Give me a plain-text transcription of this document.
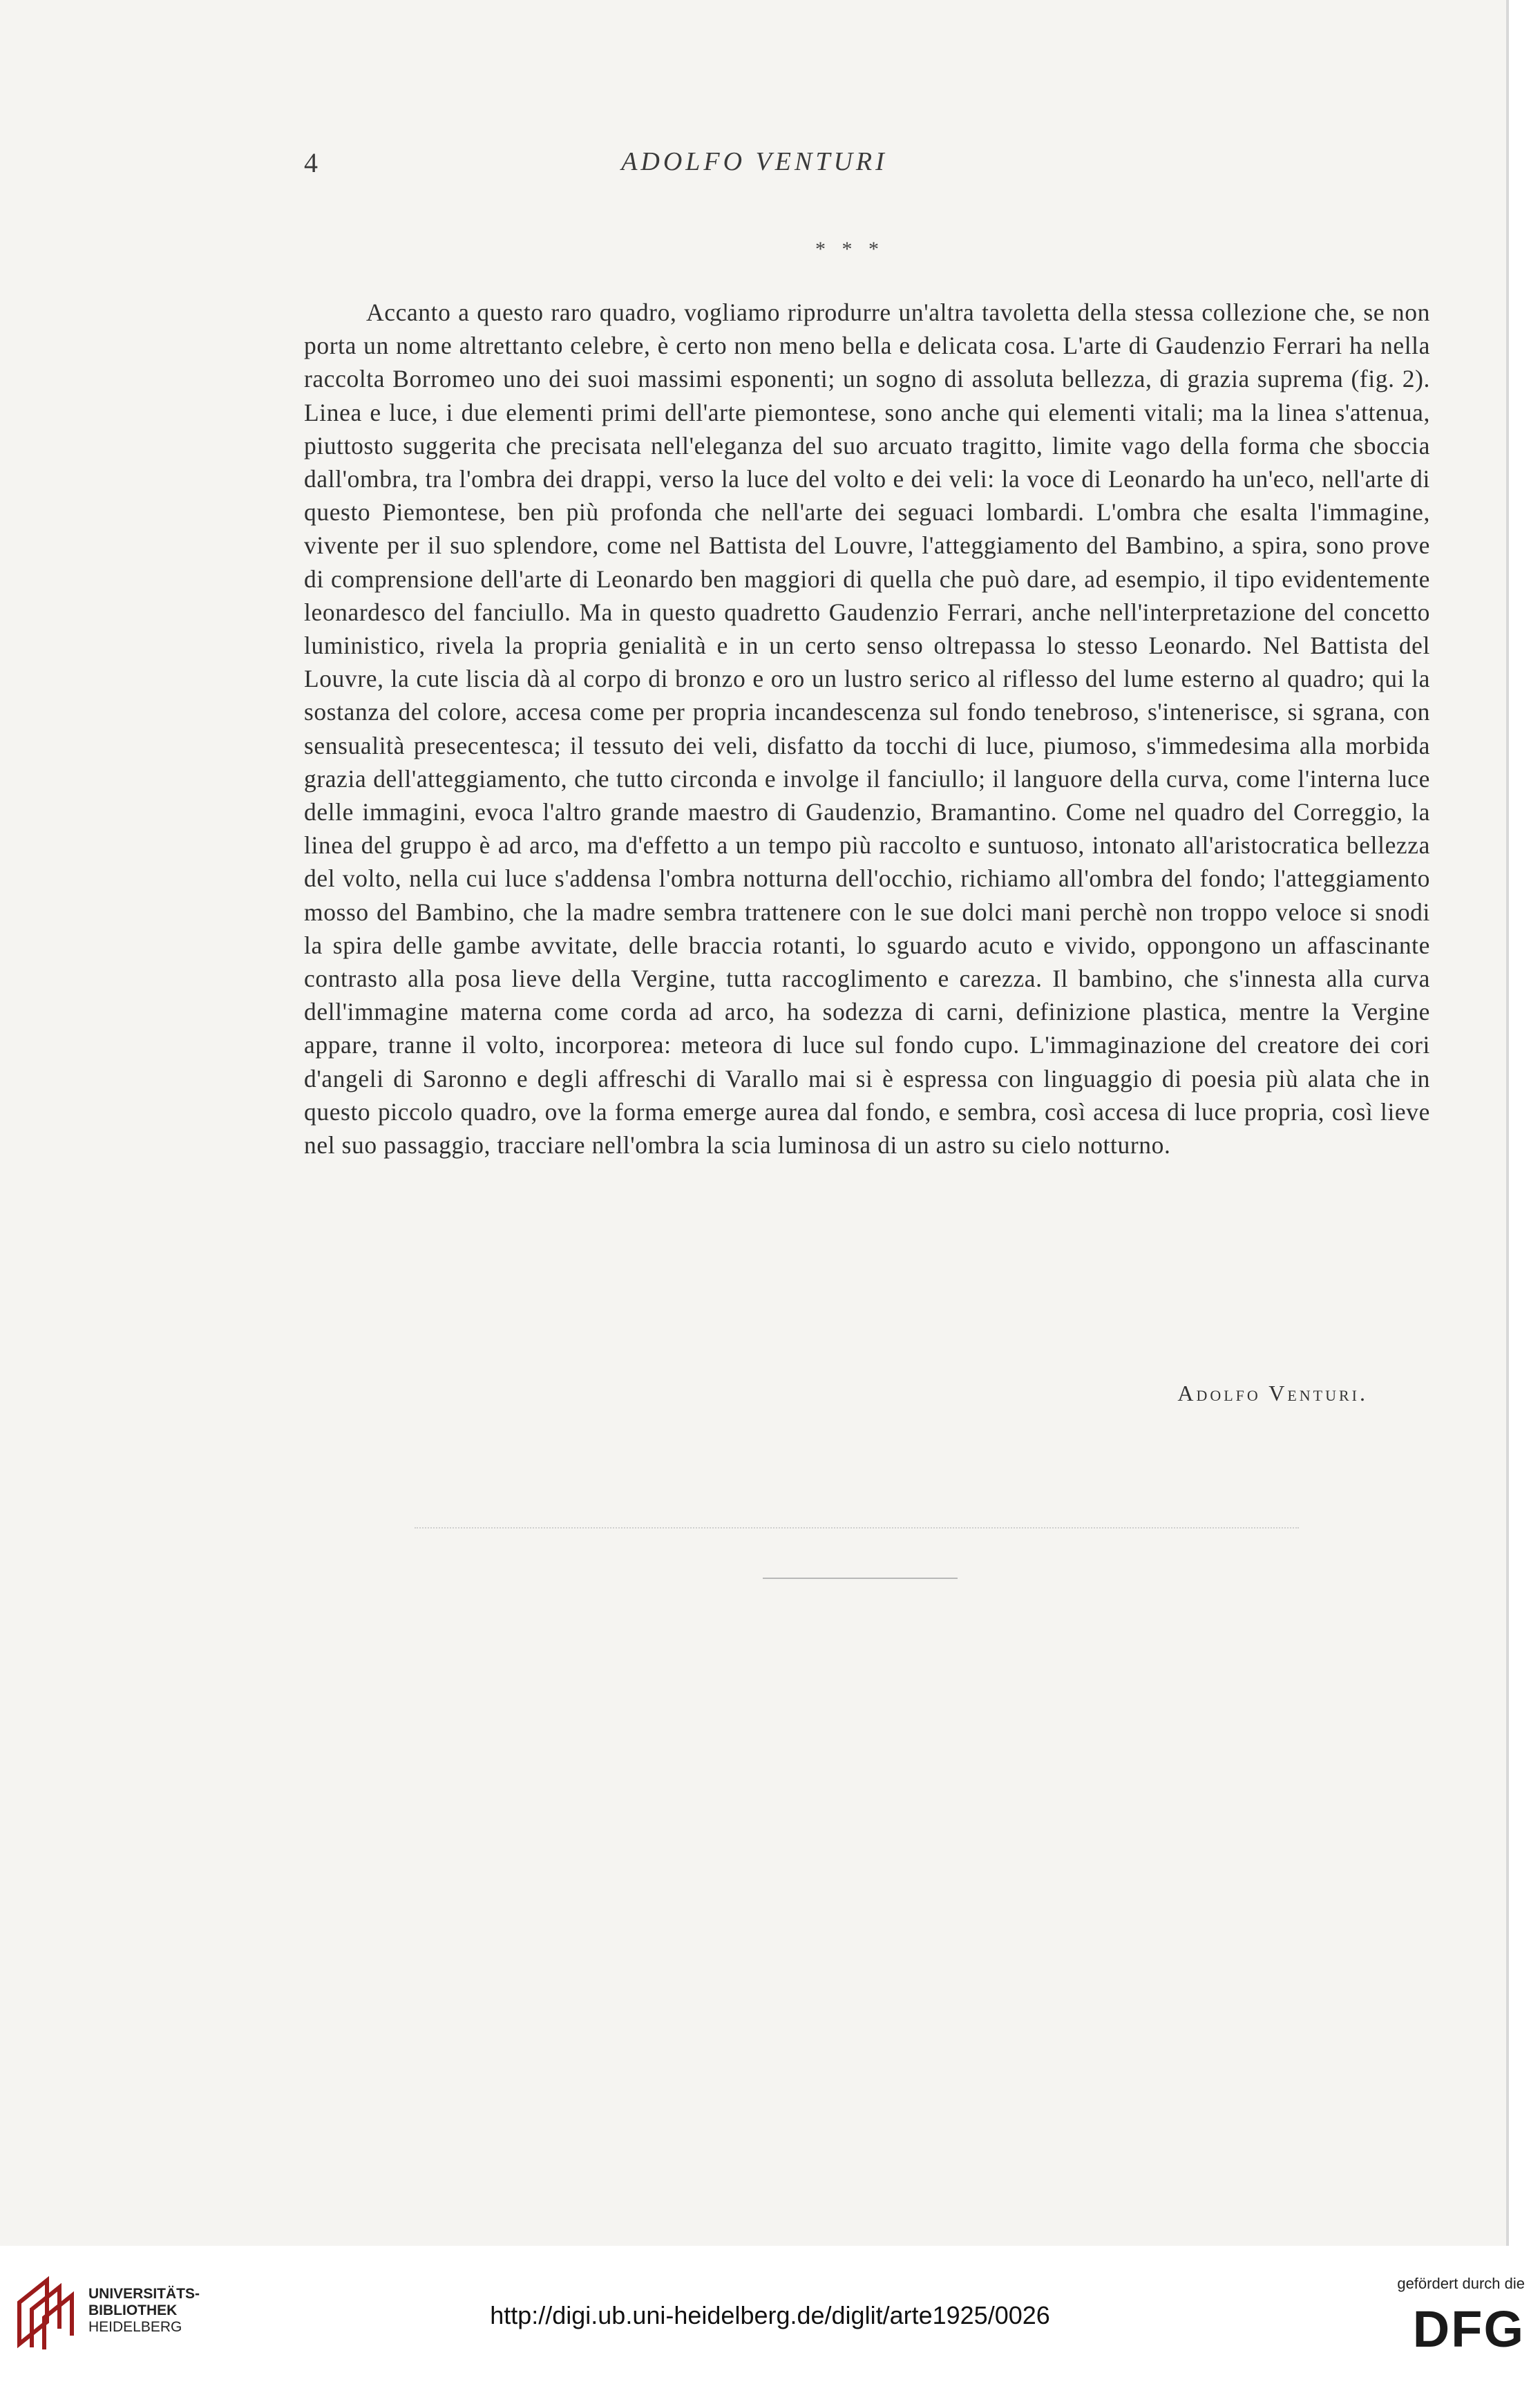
4	ADOLFO VENTURI
* * *

Accanto a questo raro quadro, vogliamo riprodurre un'altra tavoletta della stessa collezione che, se non porta un nome altrettanto celebre, è certo non meno bella e delicata cosa. L'arte di Gaudenzio Ferrari ha nella raccolta Borromeo uno dei suoi massimi esponenti; un sogno di assoluta bellezza, di grazia suprema (fig. 2). Linea e luce, i due elementi primi dell'arte piemontese, sono anche qui elementi vitali; ma la linea s'attenua, piuttosto suggerita che precisata nell'eleganza del suo arcuato tragitto, limite vago della forma che sboccia dall'ombra, tra l'ombra dei drappi, verso la luce del volto e dei veli: la voce di Leonardo ha un'eco, nell'arte di questo Piemontese, ben più profonda che nell'arte dei seguaci lombardi. L'ombra che esalta l'immagine, vivente per il suo splendore, come nel Battista del Louvre, l'atteggiamento del Bambino, a spira, sono prove di comprensione dell'arte di Leonardo ben maggiori di quella che può dare, ad esempio, il tipo evidentemente leonardesco del fanciullo. Ma in questo quadretto Gaudenzio Ferrari, anche nell'interpretazione del concetto luministico, rivela la propria genialità e in un certo senso oltrepassa lo stesso Leonardo. Nel Battista del Louvre, la cute liscia dà al corpo di bronzo e oro un lustro serico al riflesso del lume esterno al quadro; qui la sostanza del colore, accesa come per propria incandescenza sul fondo tenebroso, s'intenerisce, si sgrana, con sensualità presecentesca; il tessuto dei veli, disfatto da tocchi di luce, piumoso, s'immedesima alla morbida grazia dell'atteggiamento, che tutto circonda e involge il fanciullo; il languore della curva, come l'interna luce delle immagini, evoca l'altro grande maestro di Gaudenzio, Bramantino. Come nel quadro del Correggio, la linea del gruppo è ad arco, ma d'effetto a un tempo più raccolto e suntuoso, intonato all'aristocratica bellezza del volto, nella cui luce s'addensa l'ombra notturna dell'occhio, richiamo all'ombra del fondo; l'atteggiamento mosso del Bambino, che la madre sembra trattenere con le sue dolci mani perchè non troppo veloce si snodi la spira delle gambe avvitate, delle braccia rotanti, lo sguardo acuto e vivido, oppongono un affascinante contrasto alla posa lieve della Vergine, tutta raccoglimento e carezza. Il bambino, che s'innesta alla curva dell'immagine materna come corda ad arco, ha sodezza di carni, definizione plastica, mentre la Vergine appare, tranne il volto, incorporea: meteora di luce sul fondo cupo. L'immaginazione del creatore dei cori d'angeli di Saronno e degli affreschi di Varallo mai si è espressa con linguaggio di poesia più alata che in questo piccolo quadro, ove la forma emerge aurea dal fondo, e sembra, così accesa di luce propria, così lieve nel suo passaggio, tracciare nell'ombra la scia luminosa di un astro su cielo notturno.

Adolfo Venturi.
UNIVERSITÄTS-
BIBLIOTHEK
HEIDELBERG	http://digi.ub.uni-heidelberg.de/diglit/arte1925/0026
gefördert durch die
DFG
